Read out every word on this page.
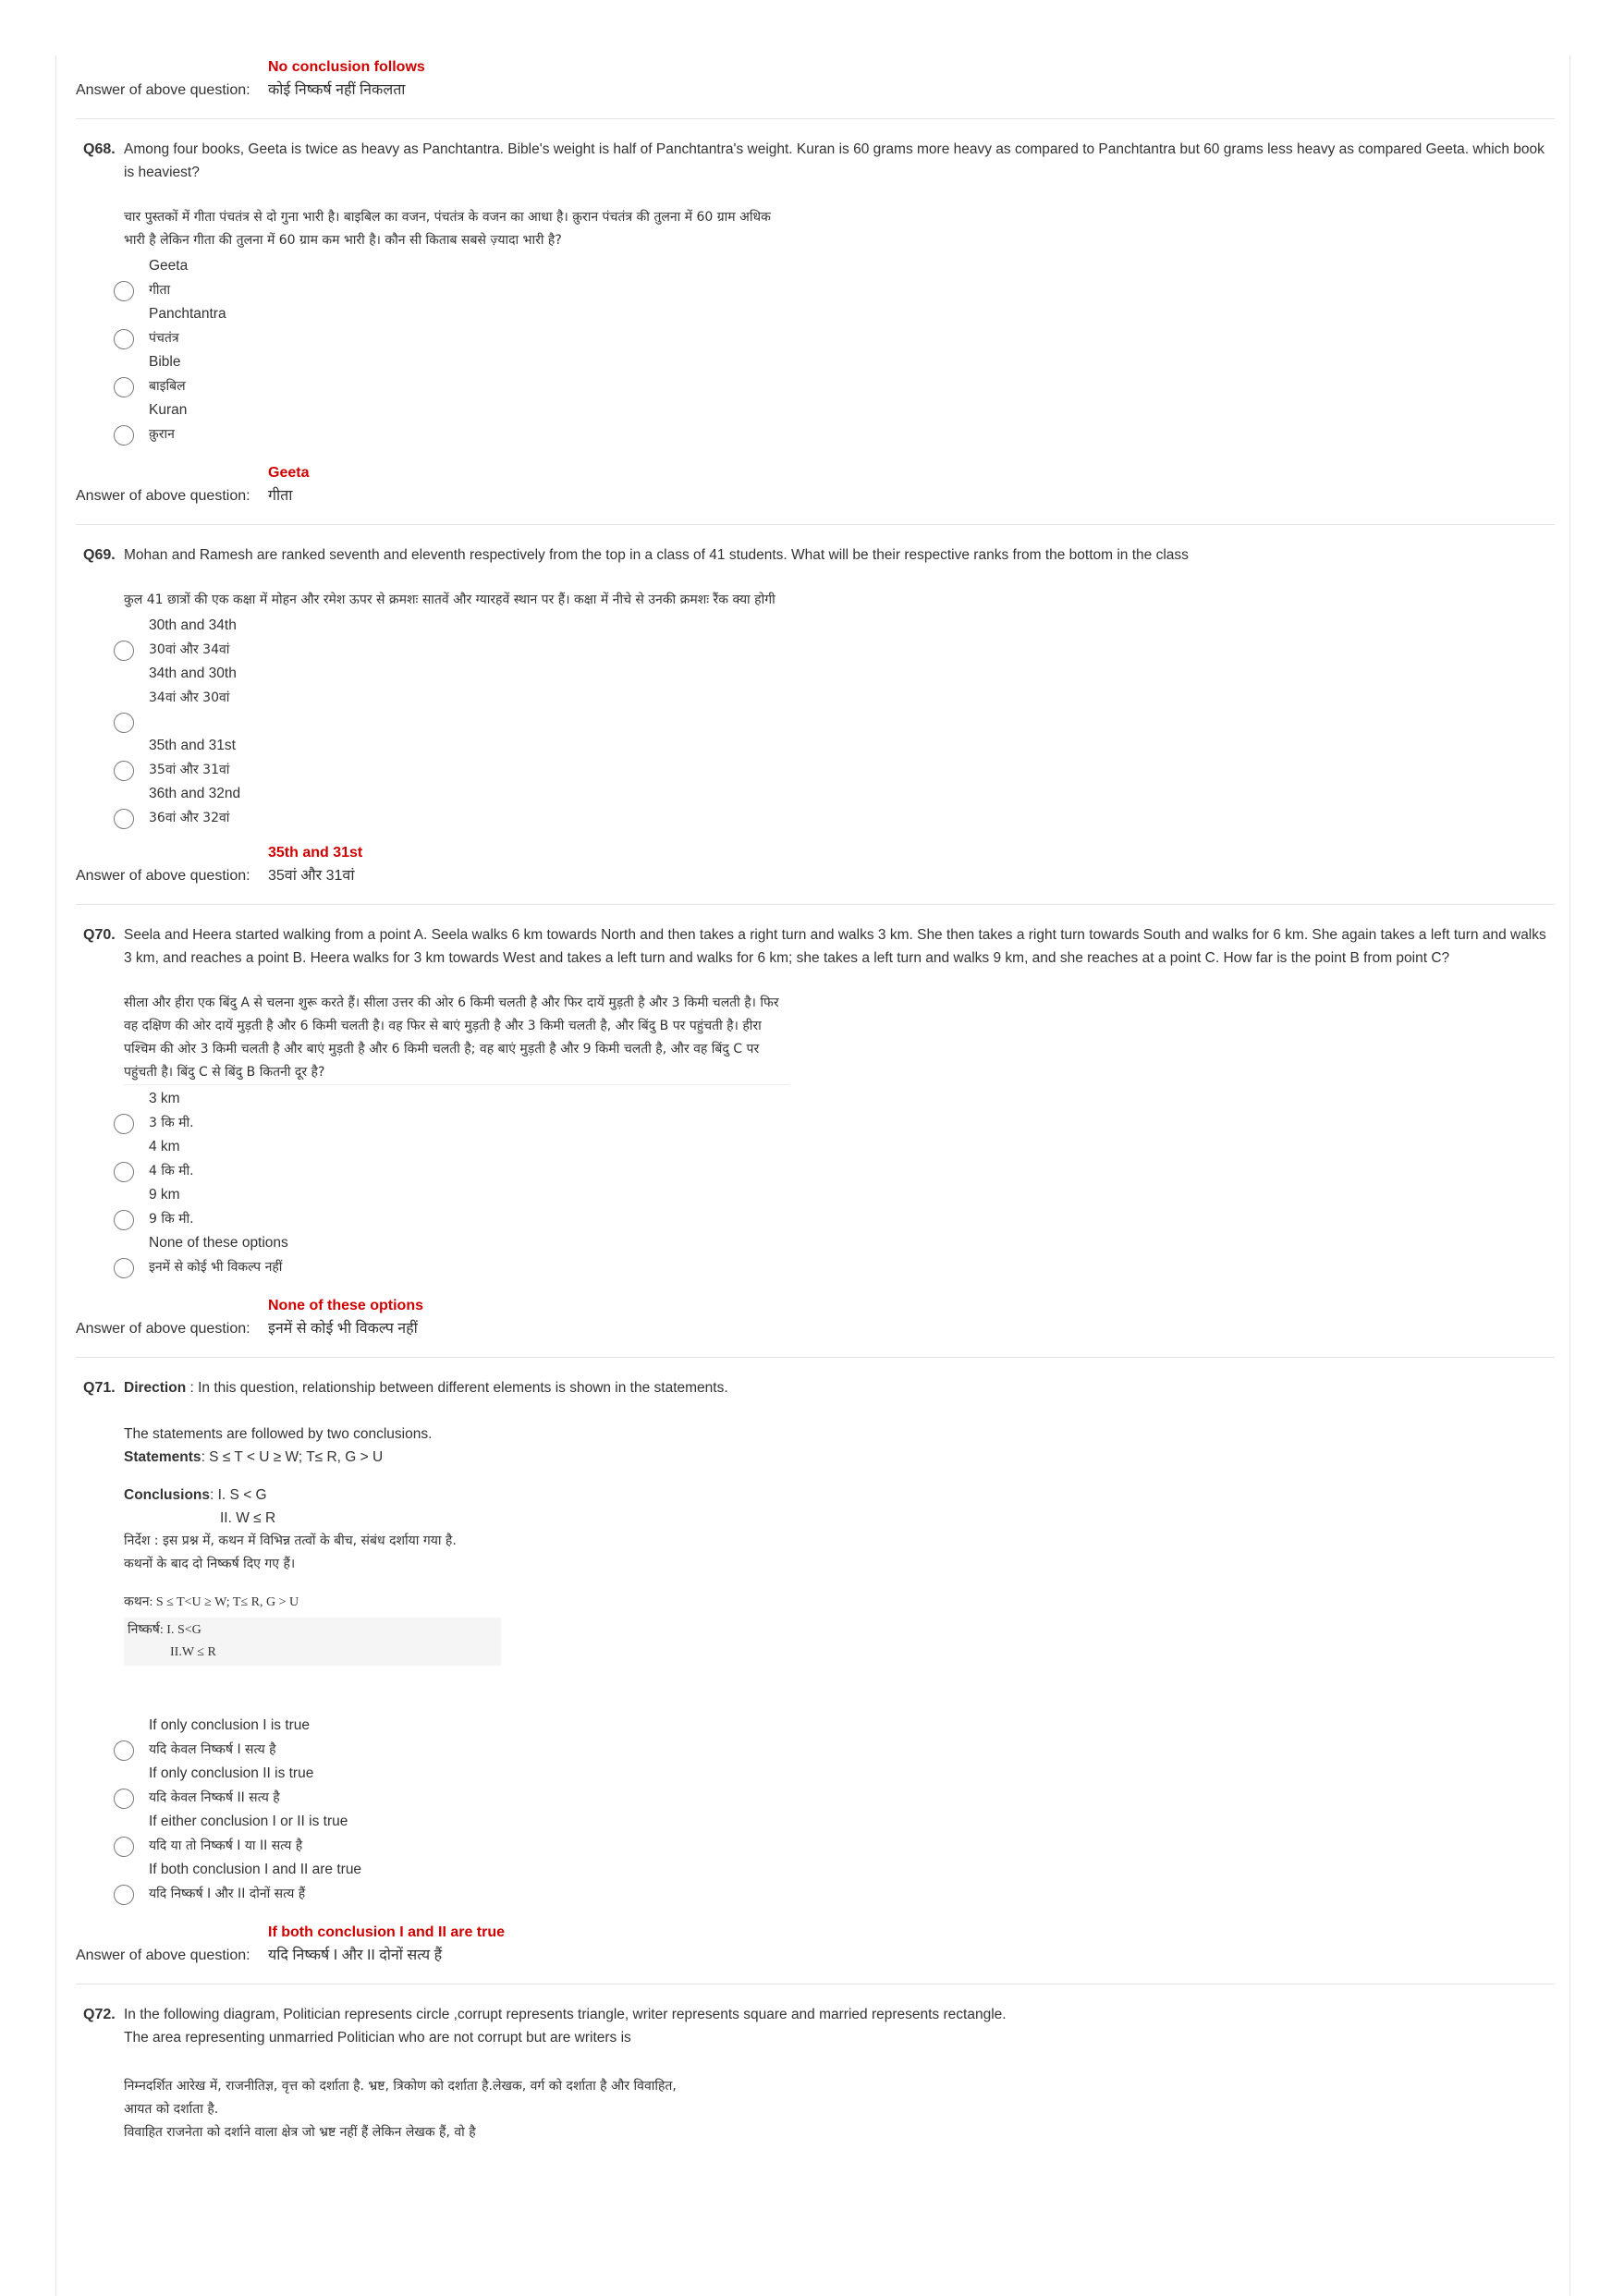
No conclusion follows
Answer of above question:	कोई निष्कर्ष नहीं निकलता
Q68. Among four books, Geeta is twice as heavy as Panchtantra. Bible's weight is half of Panchtantra's weight. Kuran is 60 grams more heavy as compared to Panchtantra but 60 grams less heavy as compared Geeta. which book is heaviest?
चार पुस्तकों में गीता पंचतंत्र से दो गुना भारी है। बाइबिल का वजन, पंचतंत्र के वजन का आधा है। क़ुरान पंचतंत्र की तुलना में 60 ग्राम अधिक भारी है लेकिन गीता की तुलना में 60 ग्राम कम भारी है। कौन सी किताब सबसे ज़्यादा भारी है?
Geeta
गीता
Panchtantra
पंचतंत्र
Bible
बाइबिल
Kuran
क़ुरान
Geeta
Answer of above question:	गीता
Q69. Mohan and Ramesh are ranked seventh and eleventh respectively from the top in a class of 41 students. What will be their respective ranks from the bottom in the class
कुल 41 छात्रों की एक कक्षा में मोहन और रमेश ऊपर से क्रमशः सातवें और ग्यारहवें स्थान पर हैं। कक्षा में नीचे से उनकी क्रमशः रैंक क्या होगी
30th and 34th
30वां और 34वां
34th and 30th
34वां और 30वां
35th and 31st
35वां और 31वां
36th and 32nd
36वां और 32वां
35th and 31st
Answer of above question:	35वां और 31वां
Q70. Seela and Heera started walking from a point A. Seela walks 6 km towards North and then takes a right turn and walks 3 km. She then takes a right turn towards South and walks for 6 km. She again takes a left turn and walks 3 km, and reaches a point B. Heera walks for 3 km towards West and takes a left turn and walks for 6 km; she takes a left turn and walks 9 km, and she reaches at a point C. How far is the point B from point C?
सीला और हीरा एक बिंदु A से चलना शुरू करते हैं। सीला उत्तर की ओर 6 किमी चलती है और फिर दायें मुड़ती है और 3 किमी चलती है। फिर वह दक्षिण की ओर दायें मुड़ती है और 6 किमी चलती है। वह फिर से बाएं मुड़ती है और 3 किमी चलती है, और बिंदु B पर पहुंचती है। हीरा पश्चिम की ओर 3 किमी चलती है और बाएं मुड़ती है और 6 किमी चलती है; वह बाएं मुड़ती है और 9 किमी चलती है, और वह बिंदु C पर पहुंचती है। बिंदु C से बिंदु B कितनी दूर है?
3 km
3 कि मी.
4 km
4 कि मी.
9 km
9 कि मी.
None of these options
इनमें से कोई भी विकल्प नहीं
None of these options
Answer of above question:	इनमें से कोई भी विकल्प नहीं
Q71. Direction : In this question, relationship between different elements is shown in the statements.
The statements are followed by two conclusions.
Statements: S ≤ T < U ≥ W; T≤ R, G > U
Conclusions: I. S < G
II. W ≤ R
निर्देश : इस प्रश्न में, कथन में विभिन्न तत्वों के बीच, संबंध दर्शाया गया है.
कथनों के बाद दो निष्कर्ष दिए गए हैं।
कथन: S ≤ T<U ≥ W; T≤ R, G > U
निष्कर्ष: I. S<G
II.W ≤ R
If only conclusion I is true
यदि केवल निष्कर्ष I सत्य है
If only conclusion II is true
यदि केवल निष्कर्ष II सत्य है
If either conclusion I or II is true
यदि या तो निष्कर्ष I या II सत्य है
If both conclusion I and II are true
यदि निष्कर्ष I और II दोनों सत्य हैं
If both conclusion I and II are true
Answer of above question:	यदि निष्कर्ष I और II दोनों सत्य हैं
Q72. In the following diagram, Politician represents circle ,corrupt represents triangle, writer represents square and married represents rectangle.
The area representing unmarried Politician who are not corrupt but are writers is
निम्नदर्शित आरेख में, राजनीतिज्ञ, वृत्त को दर्शाता है. भ्रष्ट, त्रिकोण को दर्शाता है.लेखक, वर्ग को दर्शाता है और विवाहित,
आयत को दर्शाता है.
विवाहित राजनेता को दर्शाने वाला क्षेत्र जो भ्रष्ट नहीं हैं लेकिन लेखक हैं, वो है
